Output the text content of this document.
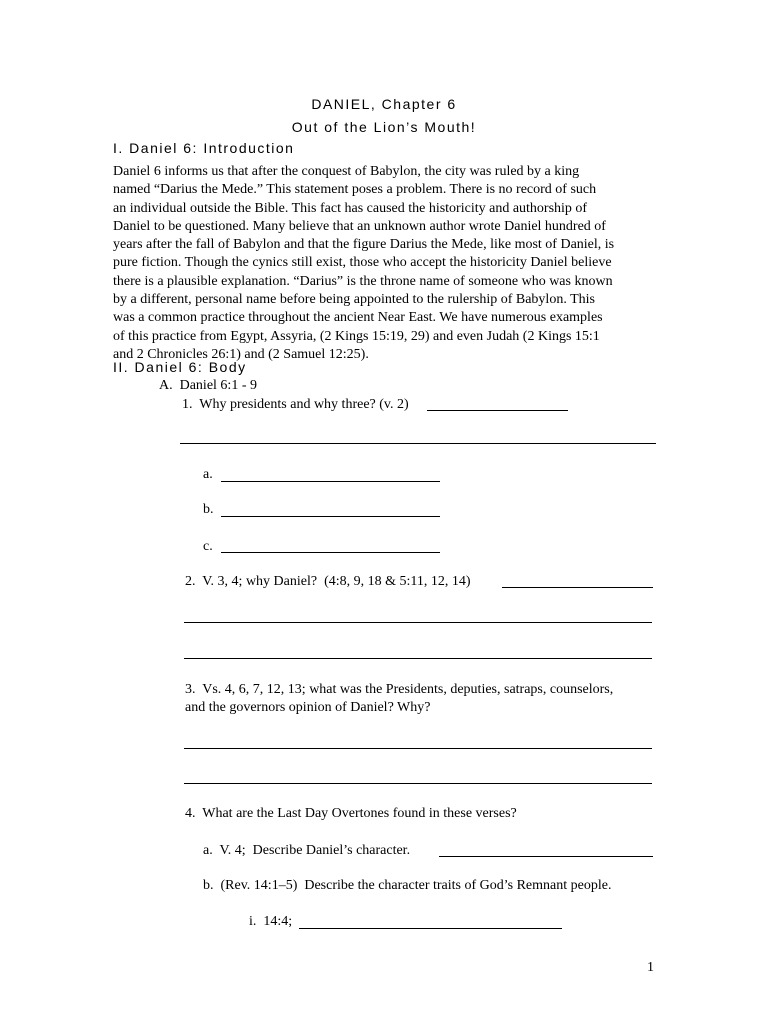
DANIEL, Chapter 6
Out of the Lion’s Mouth!
I. Daniel 6: Introduction

Daniel 6 informs us that after the conquest of Babylon, the city was ruled by a king
named “Darius the Mede.” This statement poses a problem. There is no record of such
an individual outside the Bible. This fact has caused the historicity and authorship of
Daniel to be questioned. Many believe that an unknown author wrote Daniel hundred of
years after the fall of Babylon and that the figure Darius the Mede, like most of Daniel, is
pure fiction. Though the cynics still exist, those who accept the historicity Daniel believe
there is a plausible explanation. “Darius” is the throne name of someone who was known
by a different, personal name before being appointed to the rulership of Babylon. This
was a common practice throughout the ancient Near East. We have numerous examples
of this practice from Egypt, Assyria, (2 Kings 15:19, 29) and even Judah (2 Kings 15:1
and 2 Chronicles 26:1) and (2 Samuel 12:25).

II. Daniel 6: Body
A.  Daniel 6:1 - 9
1.  Why presidents and why three? (v. 2)
a.
b.
c.
2.  V. 3, 4; why Daniel?  (4:8, 9, 18 & 5:11, 12, 14)
3.  Vs. 4, 6, 7, 12, 13; what was the Presidents, deputies, satraps, counselors,
and the governors opinion of Daniel? Why?
4.  What are the Last Day Overtones found in these verses?
a.  V. 4;  Describe Daniel’s character.
b.  (Rev. 14:1–5)  Describe the character traits of God’s Remnant people.
i.  14:4;
1
